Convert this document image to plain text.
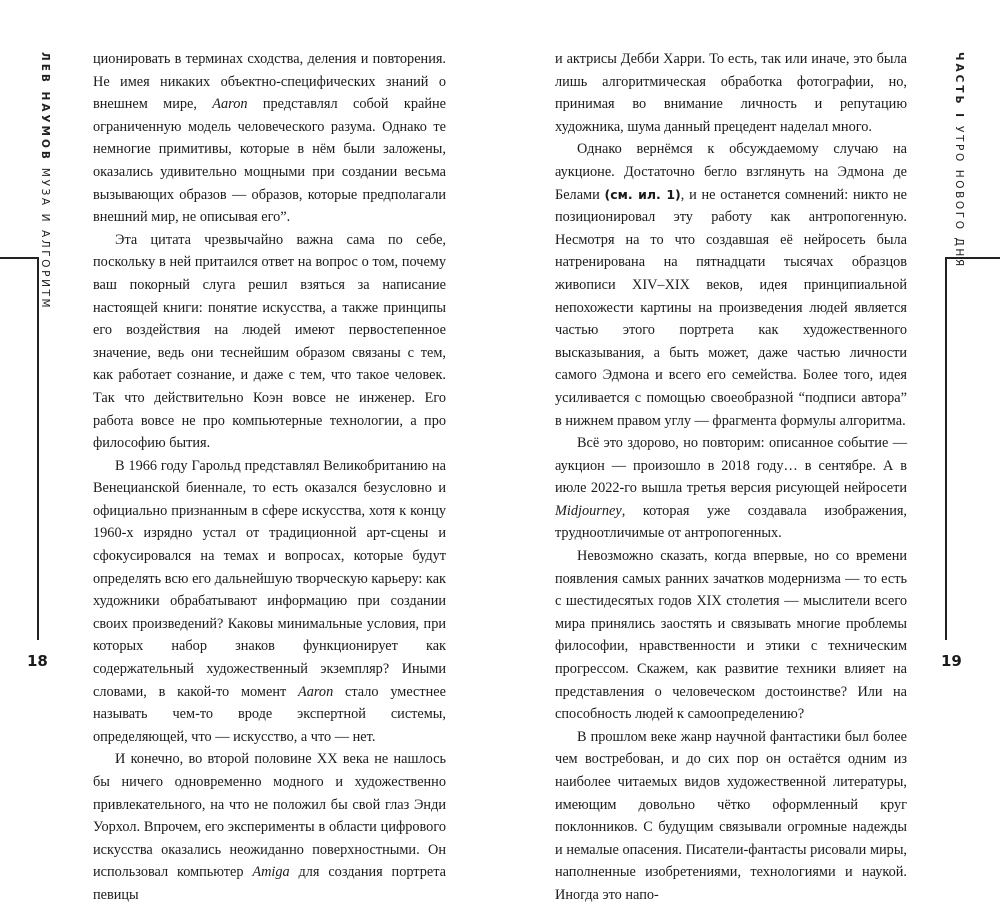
ЛЕВ НАУМОВ МУЗА И АЛГОРИТМ

ционировать в терминах сходства, деления и повторения. Не имея никаких объектно-специфических знаний о внешнем мире, Aaron представлял собой крайне ограниченную модель человеческого разума. Однако те немногие примитивы, которые в нём были заложены, оказались удивительно мощными при создании весьма вызывающих образов — образов, которые предполагали внешний мир, не описывая его”.

Эта цитата чрезвычайно важна сама по себе, поскольку в ней притаился ответ на вопрос о том, почему ваш покорный слуга решил взяться за написание настоящей книги: понятие искусства, а также принципы его воздействия на людей имеют первостепенное значение, ведь они теснейшим образом связаны с тем, как работает сознание, и даже с тем, что такое человек. Так что действительно Коэн вовсе не инженер. Его работа вовсе не про компьютерные технологии, а про философию бытия.

В 1966 году Гарольд представлял Великобританию на Венецианской биеннале, то есть оказался безусловно и официально признанным в сфере искусства, хотя к концу 1960-х изрядно устал от традиционной арт-сцены и сфокусировался на темах и вопросах, которые будут определять всю его дальнейшую творческую карьеру: как художники обрабатывают информацию при создании своих произведений? Каковы минимальные условия, при которых набор знаков функционирует как содержательный художественный экземпляр? Иными словами, в какой-то момент Aaron стало уместнее называть чем-то вроде экспертной системы, определяющей, что — искусство, а что — нет.

И конечно, во второй половине XX века не нашлось бы ничего одновременно модного и художественно привлекательного, на что не положил бы свой глаз Энди Уорхол. Впрочем, его эксперименты в области цифрового искусства оказались неожиданно поверхностными. Он использовал компьютер Amiga для создания портрета певицы

18

и актрисы Дебби Харри. То есть, так или иначе, это была лишь алгоритмическая обработка фотографии, но, принимая во внимание личность и репутацию художника, шума данный прецедент наделал много.

Однако вернёмся к обсуждаемому случаю на аукционе. Достаточно бегло взглянуть на Эдмона де Белами (см. ил. 1), и не останется сомнений: никто не позиционировал эту работу как антропогенную. Несмотря на то что создавшая её нейросеть была натренирована на пятнадцати тысячах образцов живописи XIV–XIX веков, идея принципиальной непохожести картины на произведения людей является частью этого портрета как художественного высказывания, а быть может, даже частью личности самого Эдмона и всего его семейства. Более того, идея усиливается с помощью своеобразной “подписи автора” в нижнем правом углу — фрагмента формулы алгоритма.

Всё это здорово, но повторим: описанное событие — аукцион — произошло в 2018 году… в сентябре. А в июле 2022-го вышла третья версия рисующей нейросети Midjourney, которая уже создавала изображения, трудноотличимые от антропогенных.

Невозможно сказать, когда впервые, но со времени появления самых ранних зачатков модернизма — то есть с шестидесятых годов XIX столетия — мыслители всего мира принялись заостять и связывать многие проблемы философии, нравственности и этики с техническим прогрессом. Скажем, как развитие техники влияет на представления о человеческом достоинстве? Или на способность людей к самоопределению?

В прошлом веке жанр научной фантастики был более чем востребован, и до сих пор он остаётся одним из наиболее читаемых видов художественной литературы, имеющим довольно чётко оформленный круг поклонников. С будущим связывали огромные надежды и немалые опасения. Писатели-фантасты рисовали миры, наполненные изобретениями, технологиями и наукой. Иногда это напо-

ЧАСТЬ I УТРО НОВОГО ДНЯ
19
